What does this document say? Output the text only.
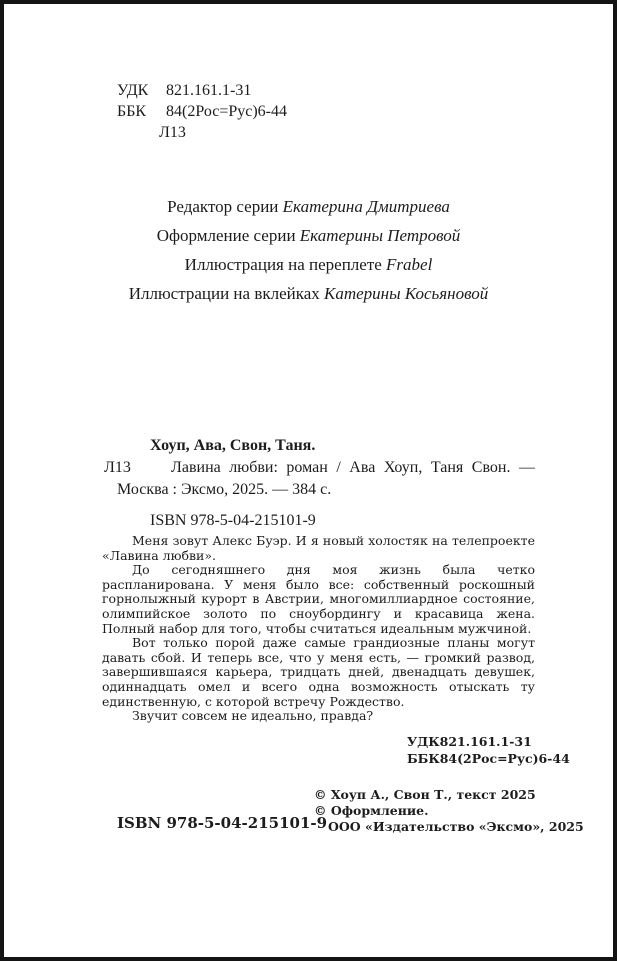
УДК	821.161.1-31
ББК	84(2Рос=Рус)6-44
Л13
Редактор серии Екатерина Дмитриева
Оформление серии Екатерины Петровой
Иллюстрация на переплете Frabel
Иллюстрации на вклейках Катерины Косьяновой
Хоуп, Ава, Свон, Таня.

Л13	Лавина любви: роман / Ава Хоуп, Таня Свон. — Москва : Эксмо, 2025. — 384 с.

ISBN 978-5-04-215101-9

Меня зовут Алекс Буэр. И я новый холостяк на телепроекте «Лавина любви».

До сегодняшнего дня моя жизнь была четко распланирована. У меня было все: собственный роскошный горнолыжный курорт в Австрии, многомиллиардное состояние, олимпийское золото по сноубордингу и красавица жена. Полный набор для того, чтобы считаться идеальным мужчиной.

Вот только порой даже самые грандиозные планы могут давать сбой. И теперь все, что у меня есть, — громкий развод, завершившаяся карьера, тридцать дней, двенадцать девушек, одиннадцать омел и всего одна возможность отыскать ту единственную, с которой встречу Рождество.

Звучит совсем не идеально, правда?

УДК821.161.1-31
ББК84(2Рос=Рус)6-44
© Хоуп А., Свон Т., текст 2025
© Оформление.
ООО «Издательство «Эксмо», 2025
ISBN 978-5-04-215101-9
